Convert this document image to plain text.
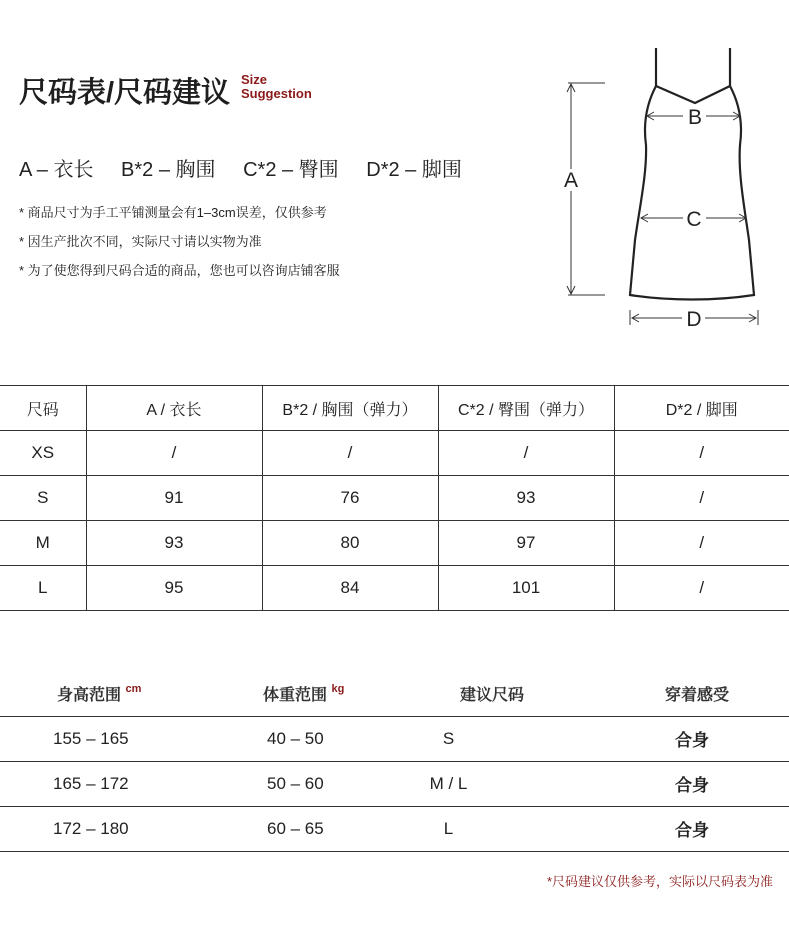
尺码表/尺码建议 Size
Suggestion
A – 衣长 B*2 – 胸围 C*2 – 臀围 D*2 – 脚围
* 商品尺寸为手工平铺测量会有1–3cm误差，仅供参考
* 因生产批次不同，实际尺寸请以实物为准
* 为了使您得到尺码合适的商品，您也可以咨询店铺客服
A
B
C
D
尺码	A / 衣长	B*2 / 胸围（弹力）	C*2 / 臀围（弹力）	D*2 / 脚围
XS	/	/	/	/
S	91	76	93	/
M	93	80	97	/
L	95	84	101	/
身高范围 $^{cm}$	体重范围 $^{kg}$	建议尺码	穿着感受
155 – 165	40 – 50	S	合身
165 – 172	50 – 60	M / L	合身
172 – 180	60 – 65	L	合身
*尺码建议仅供参考，实际以尺码表为准
